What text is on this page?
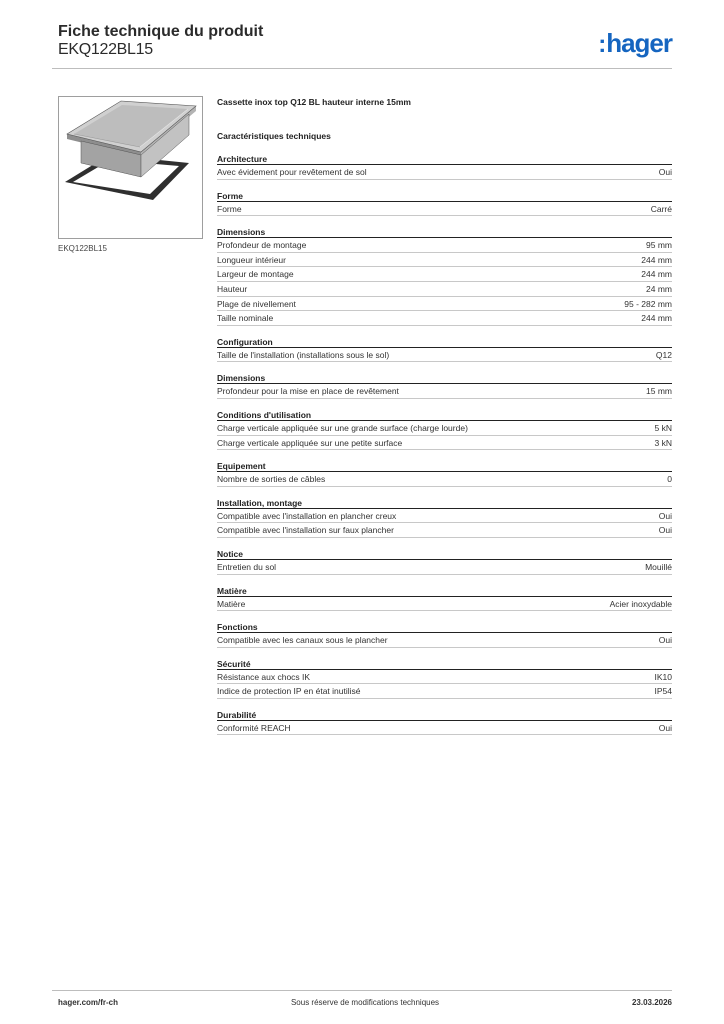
Fiche technique du produit
EKQ122BL15	:hager
EKQ122BL15
Cassette inox top Q12 BL hauteur interne 15mm
Caractéristiques techniques
Architecture
Avec évidement pour revêtement de sol	Oui
Forme
Forme	Carré
Dimensions
Profondeur de montage	95 mm
Longueur intérieur	244 mm
Largeur de montage	244 mm
Hauteur	24 mm
Plage de nivellement	95 - 282 mm
Taille nominale	244 mm
Configuration
Taille de l'installation (installations sous le sol)	Q12
Dimensions
Profondeur pour la mise en place de revêtement	15 mm
Conditions d'utilisation
Charge verticale appliquée sur une grande surface (charge lourde)	5 kN
Charge verticale appliquée sur une petite surface	3 kN
Equipement
Nombre de sorties de câbles	0
Installation, montage
Compatible avec l'installation en plancher creux	Oui
Compatible avec l'installation sur faux plancher	Oui
Notice
Entretien du sol	Mouillé
Matière
Matière	Acier inoxydable
Fonctions
Compatible avec les canaux sous le plancher	Oui
Sécurité
Résistance aux chocs IK	IK10
Indice de protection IP en état inutilisé	IP54
Durabilité
Conformité REACH	Oui
hager.com/fr-ch	Sous réserve de modifications techniques	23.03.2026
